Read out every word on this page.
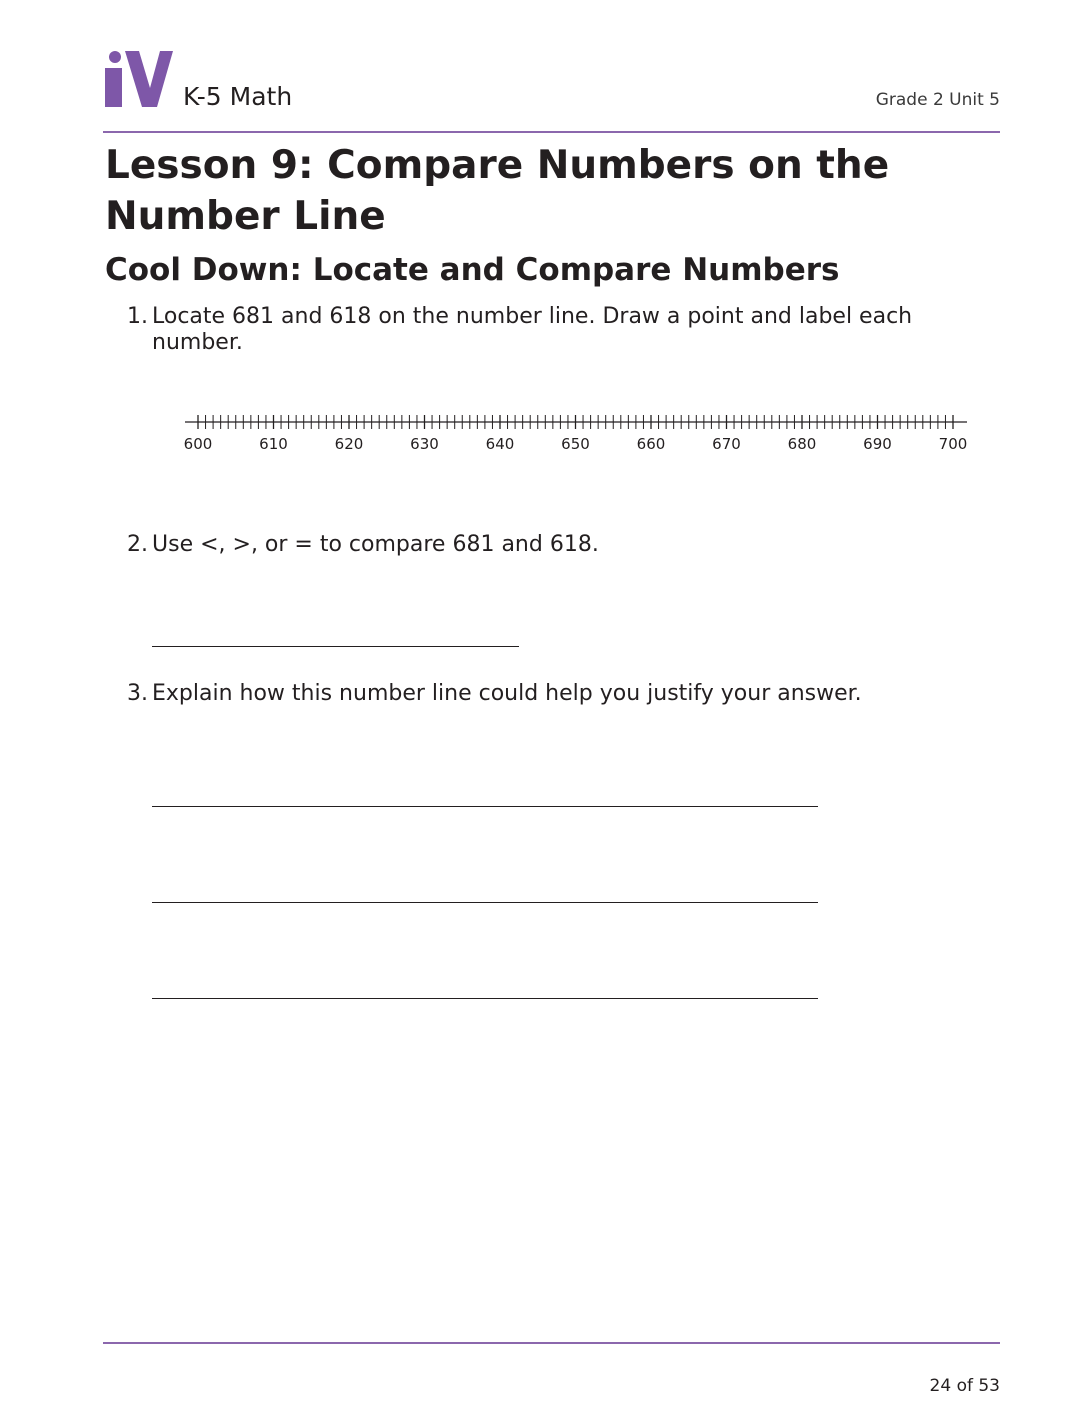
K-5 Math	Grade 2 Unit 5
Lesson 9: Compare Numbers on the Number Line
Cool Down: Locate and Compare Numbers
1. Locate 681 and 618 on the number line. Draw a point and label each number.
600	610	620	630	640	650	660	670	680	690	700
2. Use <, >, or = to compare 681 and 618.
3. Explain how this number line could help you justify your answer.
24 of 53
